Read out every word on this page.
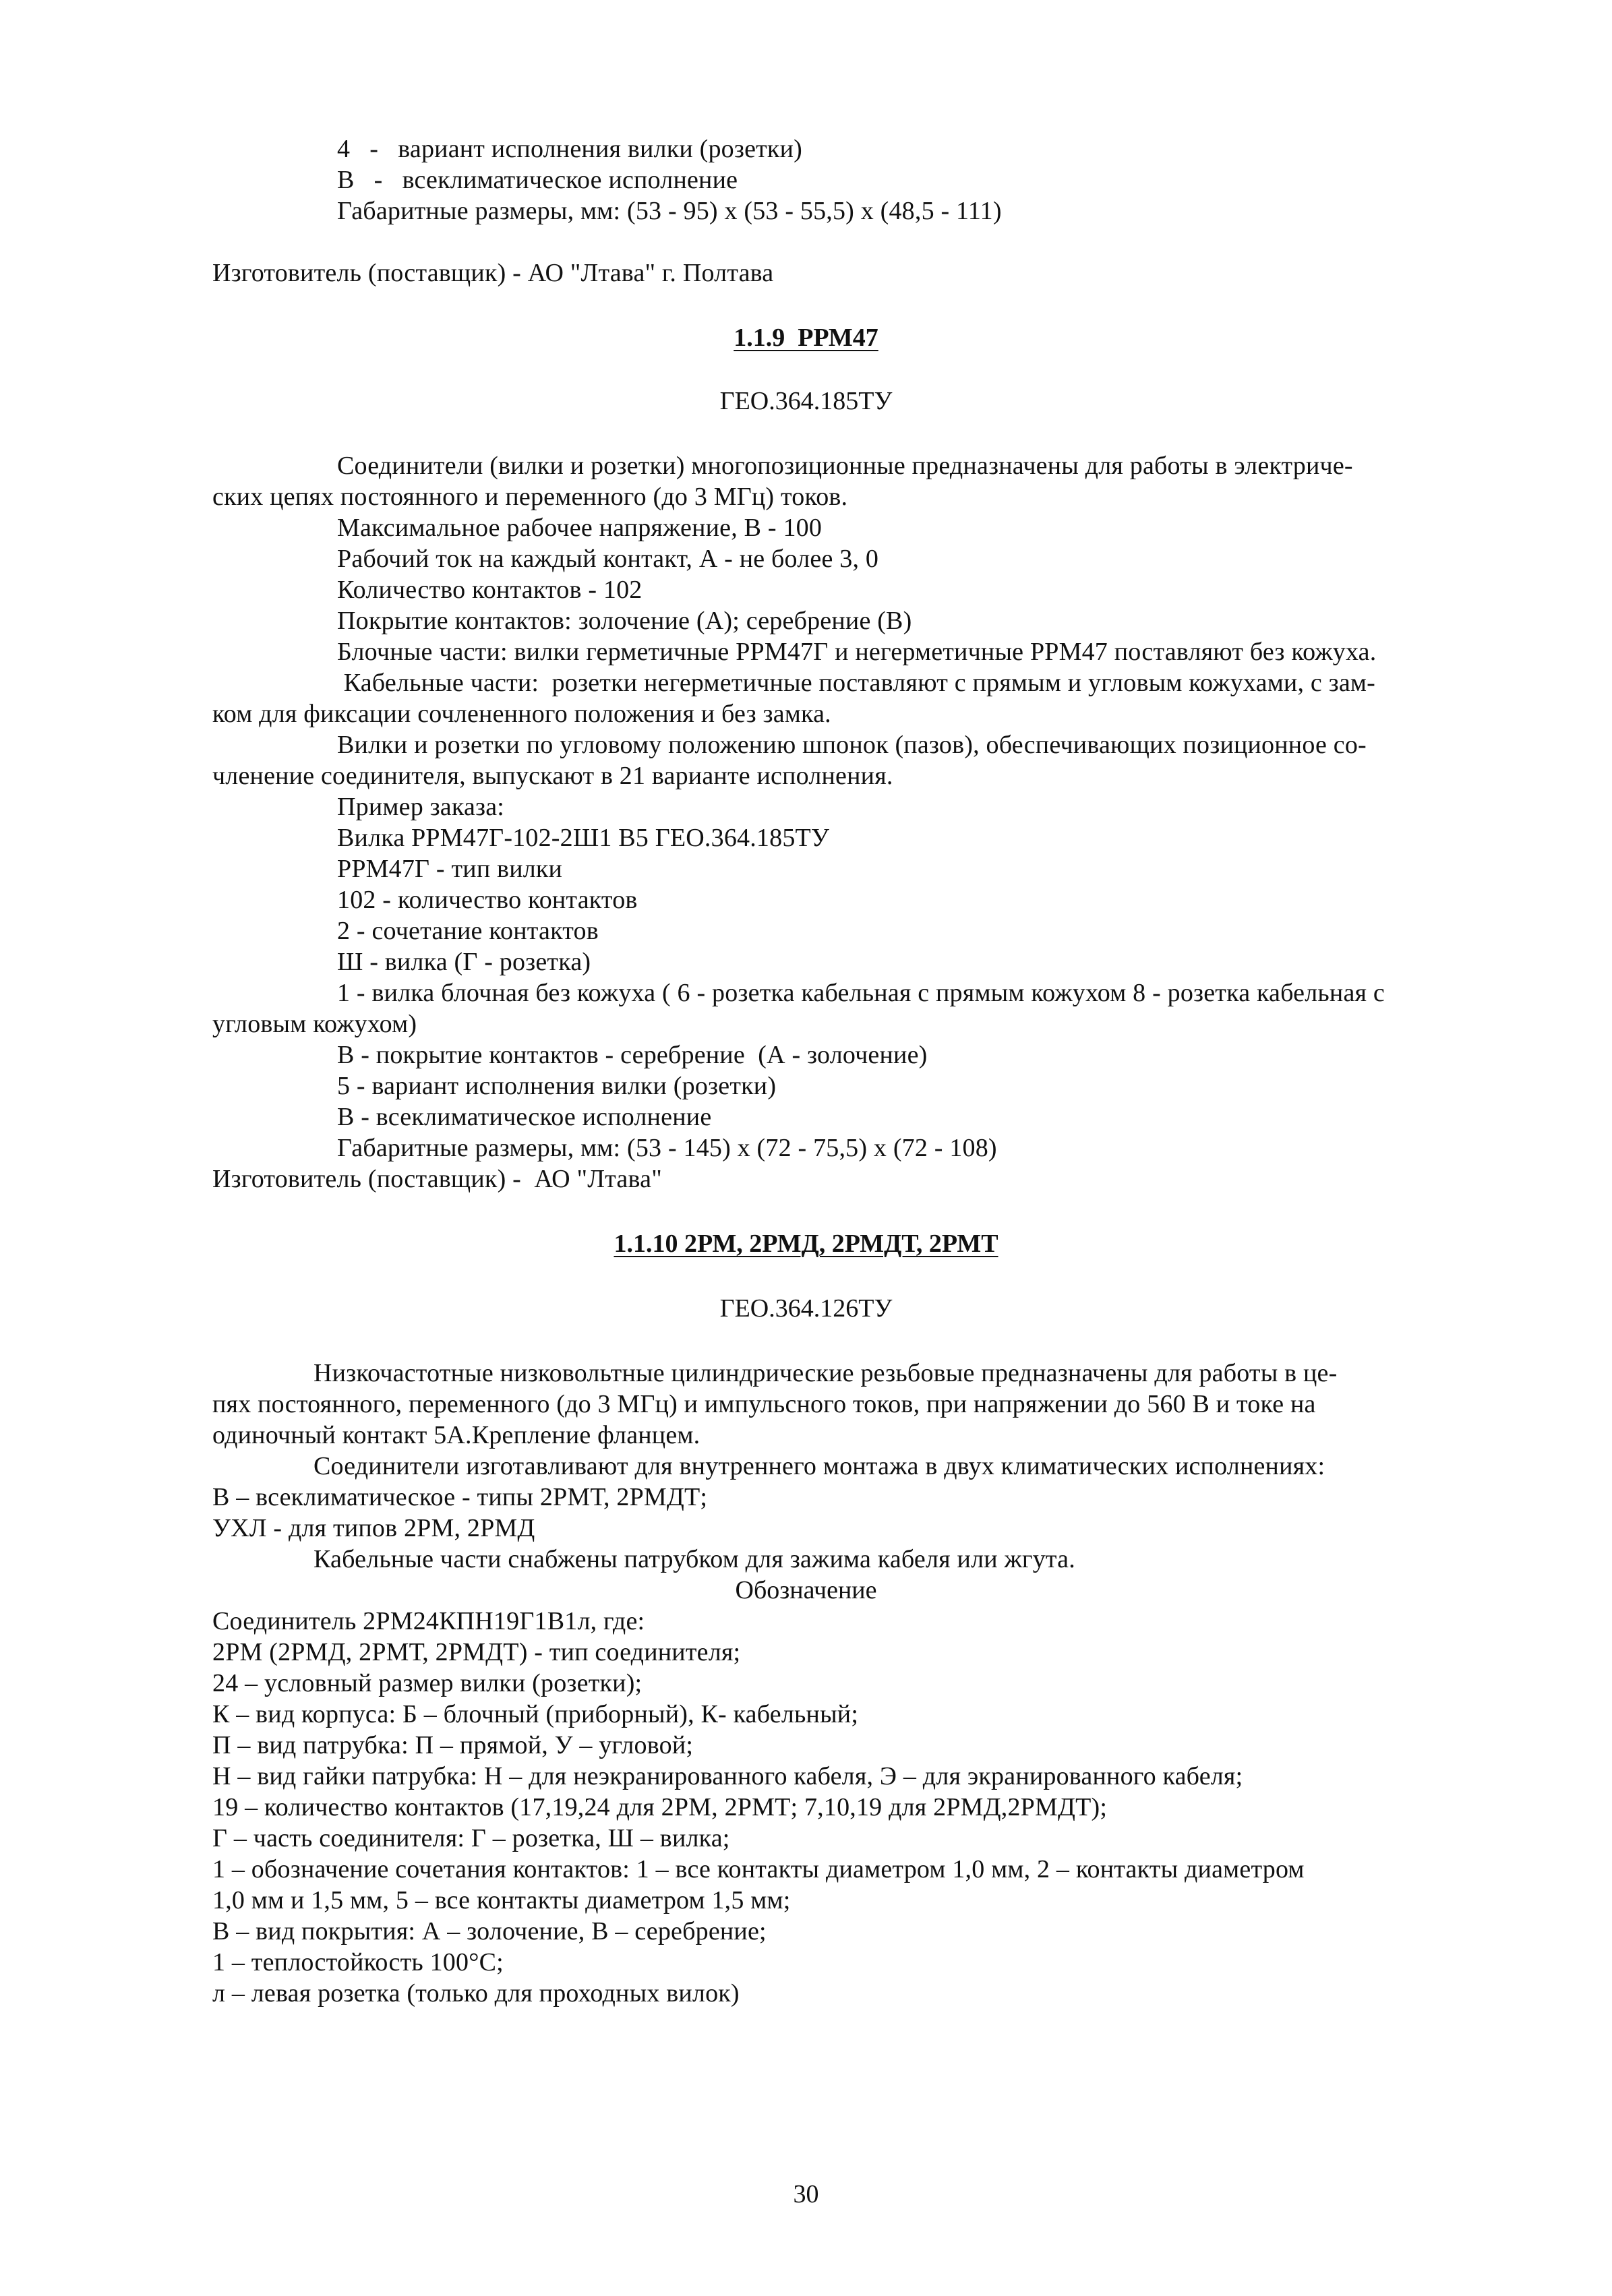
4   -   вариант исполнения вилки (розетки)
В   -   всеклиматическое исполнение
Габаритные размеры, мм: (53 - 95) х (53 - 55,5) х (48,5 - 111)
Изготовитель (поставщик) - АО "Лтава" г. Полтава
1.1.9  РРМ47
ГЕО.364.185ТУ
Соединители (вилки и розетки) многопозиционные предназначены для работы в электриче-
ских цепях постоянного и переменного (до 3 МГц) токов.
Максимальное рабочее напряжение, В - 100
Рабочий ток на каждый контакт, А - не более 3, 0
Количество контактов - 102
Покрытие контактов: золочение (А); серебрение (В)
Блочные части: вилки герметичные РРМ47Г и негерметичные РРМ47 поставляют без кожуха.
Кабельные части:  розетки негерметичные поставляют с прямым и угловым кожухами, с зам-
ком для фиксации сочлененного положения и без замка.
Вилки и розетки по угловому положению шпонок (пазов), обеспечивающих позиционное со-
членение соединителя, выпускают в 21 варианте исполнения.
Пример заказа:
Вилка РРМ47Г-102-2Ш1 В5 ГЕО.364.185ТУ
РРМ47Г - тип вилки
102 - количество контактов
2 - сочетание контактов
Ш - вилка (Г - розетка)
1 - вилка блочная без кожуха ( 6 - розетка кабельная с прямым кожухом 8 - розетка кабельная с
угловым кожухом)
В - покрытие контактов - серебрение  (А - золочение)
5 - вариант исполнения вилки (розетки)
В - всеклиматическое исполнение
Габаритные размеры, мм: (53 - 145) х (72 - 75,5) х (72 - 108)
Изготовитель (поставщик) -  АО "Лтава"
1.1.10 2РМ, 2РМД, 2РМДТ, 2РМТ
ГЕО.364.126ТУ
Низкочастотные низковольтные цилиндрические резьбовые предназначены для работы в це-
пях постоянного, переменного (до 3 МГц) и импульсного токов, при напряжении до 560 В и токе на
одиночный контакт 5А.Крепление фланцем.
Соединители изготавливают для внутреннего монтажа в двух климатических исполнениях:
В – всеклиматическое - типы 2РМТ, 2РМДТ;
УХЛ - для типов 2РМ, 2РМД
Кабельные части снабжены патрубком для зажима кабеля или жгута.
Обозначение
Соединитель 2РМ24КПН19Г1В1л, где:
2РМ (2РМД, 2РМТ, 2РМДТ) - тип соединителя;
24 – условный размер вилки (розетки);
К – вид корпуса: Б – блочный (приборный), К- кабельный;
П – вид патрубка: П – прямой, У – угловой;
Н – вид гайки патрубка: Н – для неэкранированного кабеля, Э – для экранированного кабеля;
19 – количество контактов (17,19,24 для 2РМ, 2РМТ; 7,10,19 для 2РМД,2РМДТ);
Г – часть соединителя: Г – розетка, Ш – вилка;
1 – обозначение сочетания контактов: 1 – все контакты диаметром 1,0 мм, 2 – контакты диаметром
1,0 мм и 1,5 мм, 5 – все контакты диаметром 1,5 мм;
В – вид покрытия: А – золочение, В – серебрение;
1 – теплостойкость 100°С;
л – левая розетка (только для проходных вилок)
30
